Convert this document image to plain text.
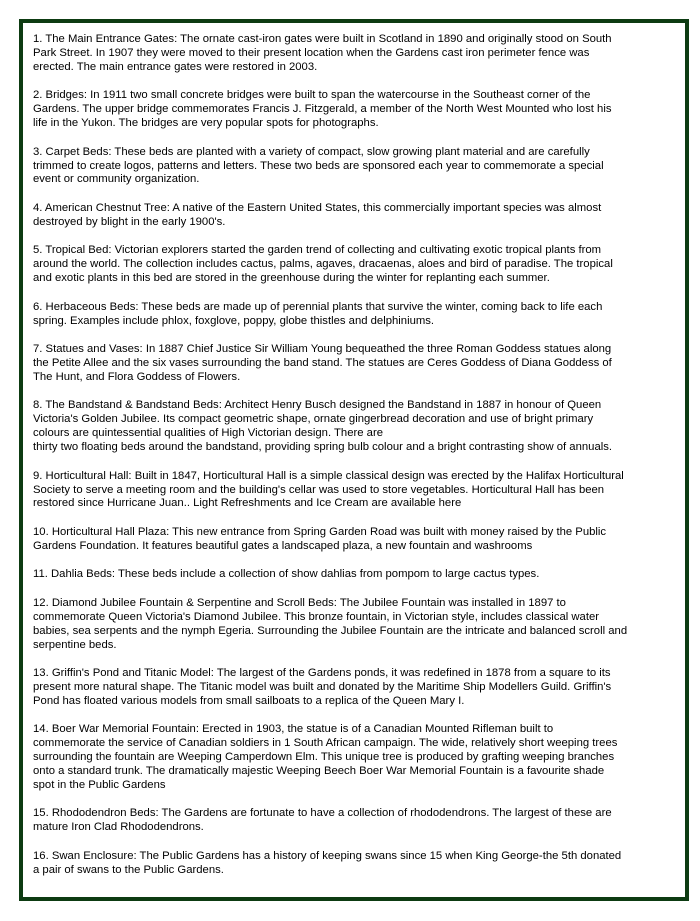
1. The Main Entrance Gates: The ornate cast-iron gates were built in Scotland in 1890 and originally stood on South
Park Street. In 1907 they were moved to their present location when the Gardens cast iron perimeter fence was
erected. The main entrance gates were restored in 2003.
2. Bridges: In 1911 two small concrete bridges were built to span the watercourse in the Southeast corner of the
Gardens. The upper bridge commemorates Francis J. Fitzgerald, a member of the North West Mounted who lost his
life in the Yukon. The bridges are very popular spots for photographs.
3. Carpet Beds: These beds are planted with a variety of compact, slow growing plant material and are carefully
trimmed to create logos, patterns and letters. These two beds are sponsored each year to commemorate a special
event or community organization.
4. American Chestnut Tree: A native of the Eastern United States, this commercially important species was almost
destroyed by blight in the early 1900's.
5. Tropical Bed: Victorian explorers started the garden trend of collecting and cultivating exotic tropical plants from
around the world. The collection includes cactus, palms, agaves, dracaenas, aloes and bird of paradise. The tropical
and exotic plants in this bed are stored in the greenhouse during the winter for replanting each summer.
6. Herbaceous Beds: These beds are made up of perennial plants that survive the winter, coming back to life each
spring. Examples include phlox, foxglove, poppy, globe thistles and delphiniums.
7. Statues and Vases: In 1887 Chief Justice Sir William Young bequeathed the three Roman Goddess statues along
the Petite Allee and the six vases surrounding the band stand. The statues are Ceres Goddess of Diana Goddess of
The Hunt, and Flora Goddess of Flowers.
8. The Bandstand & Bandstand Beds: Architect Henry Busch designed the Bandstand in 1887 in honour of Queen
Victoria's Golden Jubilee. Its compact geometric shape, ornate gingerbread decoration and use of bright primary
colours are quintessential qualities of High Victorian design. There are
thirty two floating beds around the bandstand, providing spring bulb colour and a bright contrasting show of annuals.
9. Horticultural Hall: Built in 1847, Horticultural Hall is a simple classical design was erected by the Halifax Horticultural
Society to serve a meeting room and the building's cellar was used to store vegetables. Horticultural Hall has been
restored since Hurricane Juan.. Light Refreshments and Ice Cream are available here
10. Horticultural Hall Plaza: This new entrance from Spring Garden Road was built with money raised by the Public
Gardens Foundation. It features beautiful gates a landscaped plaza, a new fountain and washrooms
11. Dahlia Beds: These beds include a collection of show dahlias from pompom to large cactus types.
12. Diamond Jubilee Fountain & Serpentine and Scroll Beds: The Jubilee Fountain was installed in 1897 to
commemorate Queen Victoria's Diamond Jubilee. This bronze fountain, in Victorian style, includes classical water
babies, sea serpents and the nymph Egeria. Surrounding the Jubilee Fountain are the intricate and balanced scroll and
serpentine beds.
13. Griffin's Pond and Titanic Model: The largest of the Gardens ponds, it was redefined in 1878 from a square to its
present more natural shape. The Titanic model was built and donated by the Maritime Ship Modellers Guild. Griffin's
Pond has floated various models from small sailboats to a replica of the Queen Mary I.
14. Boer War Memorial Fountain: Erected in 1903, the statue is of a Canadian Mounted Rifleman built to
commemorate the service of Canadian soldiers in 1 South African campaign. The wide, relatively short weeping trees
surrounding the fountain are Weeping Camperdown Elm. This unique tree is produced by grafting weeping branches
onto a standard trunk. The dramatically majestic Weeping Beech Boer War Memorial Fountain is a favourite shade
spot in the Public Gardens
15. Rhododendron Beds: The Gardens are fortunate to have a collection of rhododendrons. The largest of these are
mature Iron Clad Rhododendrons.
16. Swan Enclosure: The Public Gardens has a history of keeping swans since 15 when King George-the 5th donated
a pair of swans to the Public Gardens.
